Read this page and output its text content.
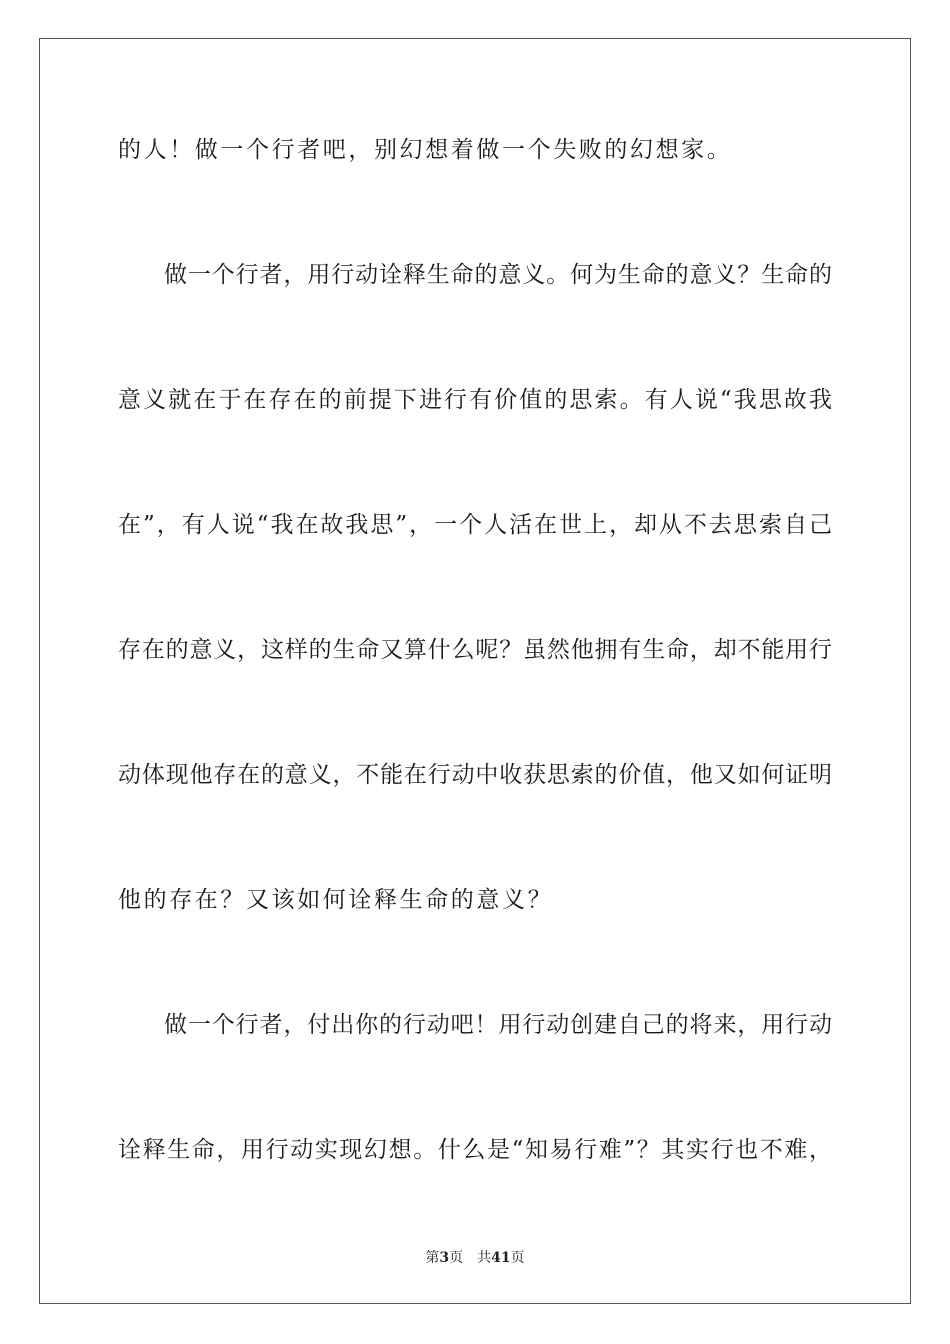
的人！做一个行者吧，别幻想着做一个失败的幻想家。
做一个行者，用行动诠释生命的意义。何为生命的意义？生命的
意义就在于在存在的前提下进行有价值的思索。有人说“我思故我
在”，有人说“我在故我思”，一个人活在世上，却从不去思索自己
存在的意义，这样的生命又算什么呢？虽然他拥有生命，却不能用行
动体现他存在的意义，不能在行动中收获思索的价值，他又如何证明
他的存在？又该如何诠释生命的意义？
做一个行者，付出你的行动吧！用行动创建自己的将来，用行动
诠释生命，用行动实现幻想。什么是“知易行难”？其实行也不难，
第3页 共41页
